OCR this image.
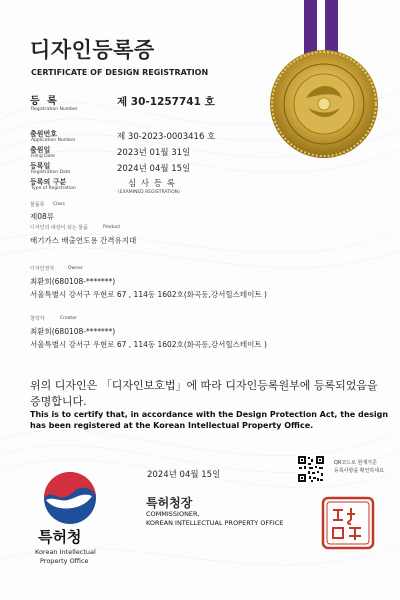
디자인등록증
CERTIFICATE OF DESIGN REGISTRATION
등 록
Registration Number
제 30-1257741 호
출원번호
Application Number	제 30-2023-0003416 호
출원일
Filing Date	2023년 01월 31일
등록일
Registration Date	2024년 04월 15일
등록의 구분
Type of Registration	심 사 등 록
(EXAMINED REGISTRATION)
물품류 Class
제08류
디자인의 대상이 되는 물품	Product
배기가스 배출연도용 간격유지대
디자인권자	Owner
최환희(680108-*******)
서울특별시 강서구 우현로 67 , 114동 1602호(화곡동,강서힐스테이트 )
창작자	Creator
최환희(680108-*******)
서울특별시 강서구 우현로 67 , 114동 1602호(화곡동,강서힐스테이트 )
위의 디자인은 「디자인보호법」에 따라 디자인등록원부에 등록되었음을 증명합니다.
This is to certify that, in accordance with the Design Protection Act, the design has been registered at the Korean Intellectual Property Office.
2024년 04월 15일
QR코드로 현재기준
등록사항을 확인하세요
특허청장
COMMISSIONER,
KOREAN INTELLECTUAL PROPERTY OFFICE
특허청
Korean Intellectual
Property Office
